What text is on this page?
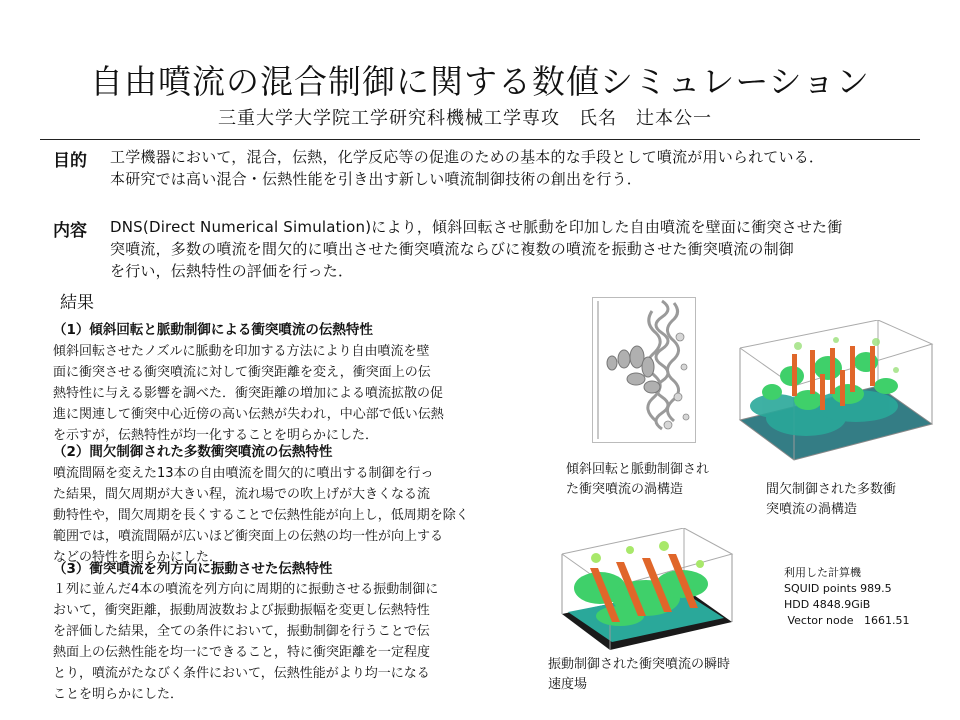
自由噴流の混合制御に関する数値シミュレーション
三重大学大学院工学研究科機械工学専攻　氏名　辻本公一
目的 工学機器において，混合，伝熱，化学反応等の促進のための基本的な手段として噴流が用いられている．
本研究では高い混合・伝熱性能を引き出す新しい噴流制御技術の創出を行う．
内容 DNS(Direct Numerical Simulation)により，傾斜回転させ脈動を印加した自由噴流を壁面に衝突させた衝
突噴流，多数の噴流を間欠的に噴出させた衝突噴流ならびに複数の噴流を振動させた衝突噴流の制御
を行い，伝熱特性の評価を行った．
結果
（1）傾斜回転と脈動制御による衝突噴流の伝熱特性
傾斜回転させたノズルに脈動を印加する方法により自由噴流を壁
面に衝突させる衝突噴流に対して衝突距離を変え，衝突面上の伝
熱特性に与える影響を調べた．衝突距離の増加による噴流拡散の促
進に関連して衝突中心近傍の高い伝熱が失われ，中心部で低い伝熱
を示すが，伝熱特性が均一化することを明らかにした．
（2）間欠制御された多数衝突噴流の伝熱特性
噴流間隔を変えた13本の自由噴流を間欠的に噴出する制御を行っ
た結果，間欠周期が大きい程，流れ場での吹上げが大きくなる流
動特性や，間欠周期を長くすることで伝熱性能が向上し，低周期を除く
範囲では，噴流間隔が広いほど衝突面上の伝熱の均一性が向上する
などの特性を明らかにした．
（3）衝突噴流を列方向に振動させた伝熱特性
１列に並んだ4本の噴流を列方向に周期的に振動させる振動制御に
おいて，衝突距離，振動周波数および振動振幅を変更し伝熱特性
を評価した結果，全ての条件において，振動制御を行うことで伝
熱面上の伝熱性能を均一にできること，特に衝突距離を一定程度
とり，噴流がたなびく条件において，伝熱性能がより均一になる
ことを明らかにした．
傾斜回転と脈動制御され
た衝突噴流の渦構造	間欠制御された多数衝
突噴流の渦構造
振動制御された衝突噴流の瞬時
速度場
利用した計算機
SQUID points 989.5
HDD 4848.9GiB
Vector node   1661.51
